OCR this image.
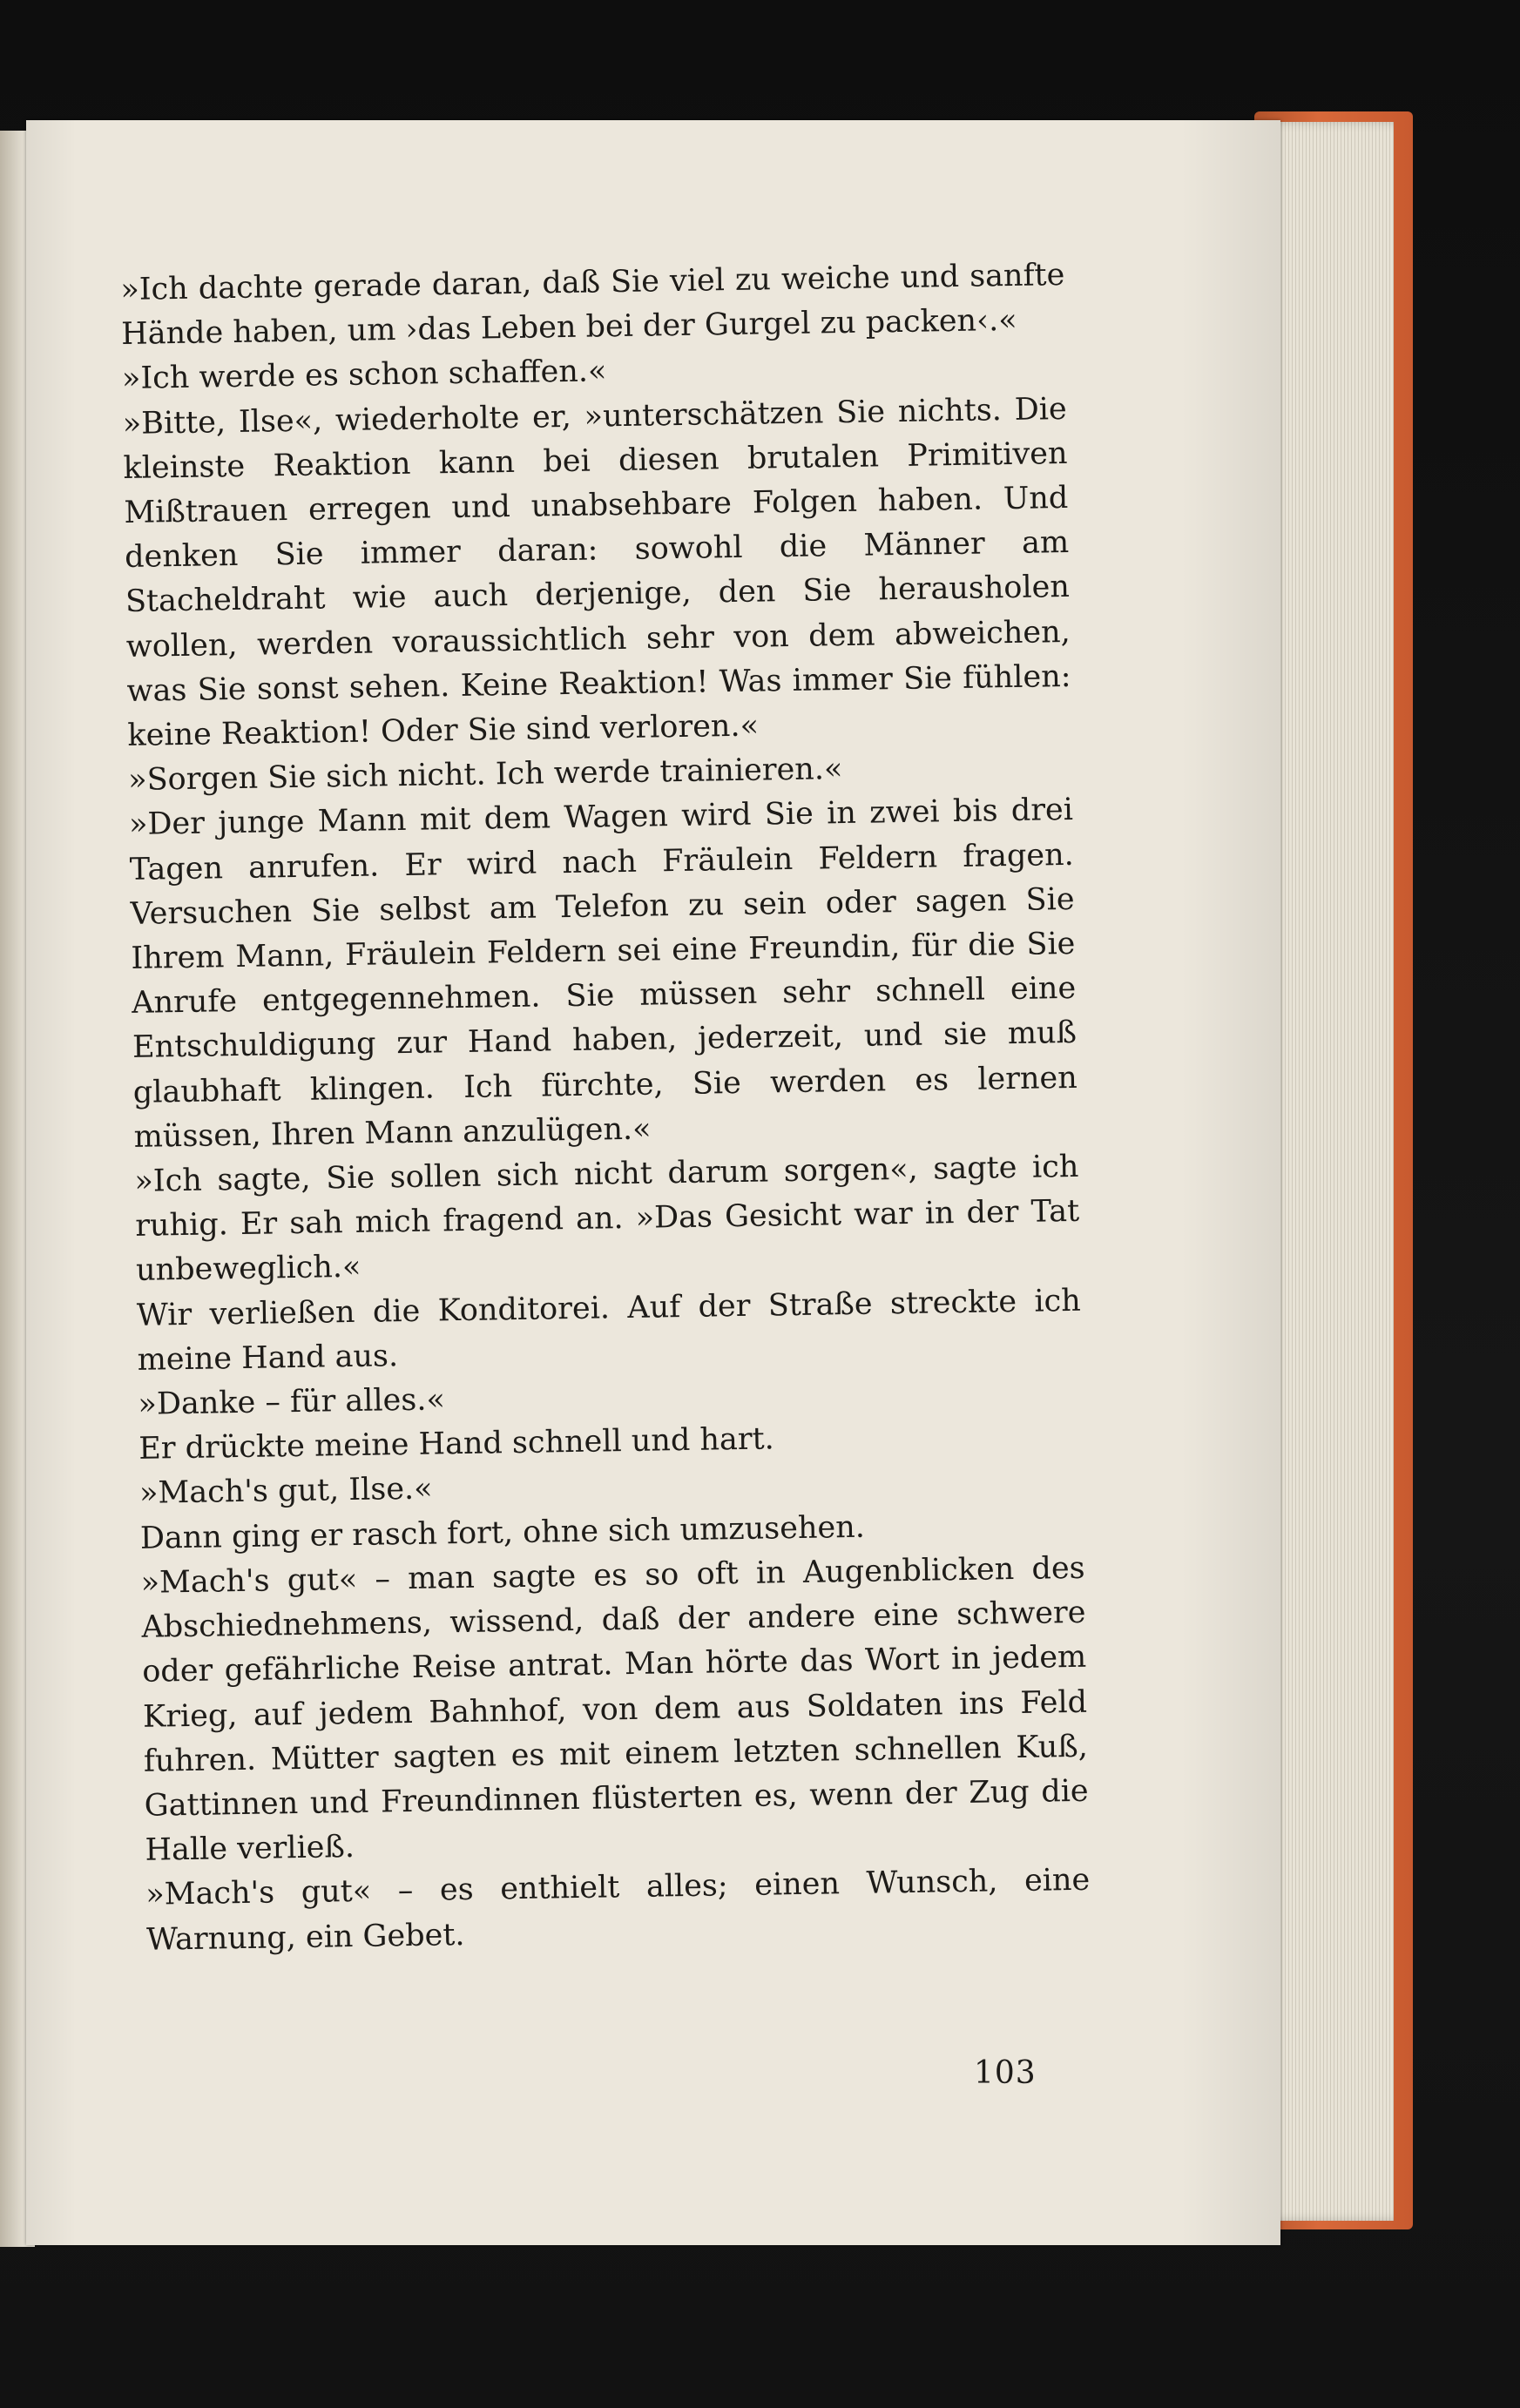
»Ich dachte gerade daran, daß Sie viel zu weiche und sanfte Hände haben, um ›das Leben bei der Gurgel zu packen‹.«

»Ich werde es schon schaffen.«

»Bitte, Ilse«, wiederholte er, »unterschätzen Sie nichts. Die kleinste Reaktion kann bei diesen brutalen Primitiven Mißtrauen erregen und unabsehbare Folgen haben. Und denken Sie immer daran: sowohl die Männer am Stacheldraht wie auch derjenige, den Sie herausholen wollen, werden voraussichtlich sehr von dem abweichen, was Sie sonst sehen. Keine Reaktion! Was immer Sie fühlen: keine Reaktion! Oder Sie sind verloren.«

»Sorgen Sie sich nicht. Ich werde trainieren.«

»Der junge Mann mit dem Wagen wird Sie in zwei bis drei Tagen anrufen. Er wird nach Fräulein Feldern fragen. Versuchen Sie selbst am Telefon zu sein oder sagen Sie Ihrem Mann, Fräulein Feldern sei eine Freundin, für die Sie Anrufe entgegennehmen. Sie müssen sehr schnell eine Entschuldigung zur Hand haben, jederzeit, und sie muß glaubhaft klingen. Ich fürchte, Sie werden es lernen müssen, Ihren Mann anzulügen.«

»Ich sagte, Sie sollen sich nicht darum sorgen«, sagte ich ruhig. Er sah mich fragend an. »Das Gesicht war in der Tat unbeweglich.«

Wir verließen die Konditorei. Auf der Straße streckte ich meine Hand aus.

»Danke – für alles.«

Er drückte meine Hand schnell und hart.

»Mach's gut, Ilse.«

Dann ging er rasch fort, ohne sich umzusehen.

»Mach's gut« – man sagte es so oft in Augenblicken des Abschiednehmens, wissend, daß der andere eine schwere oder gefährliche Reise antrat. Man hörte das Wort in jedem Krieg, auf jedem Bahnhof, von dem aus Soldaten ins Feld fuhren. Mütter sagten es mit einem letzten schnellen Kuß, Gattinnen und Freundinnen flüsterten es, wenn der Zug die Halle verließ.

»Mach's gut« – es enthielt alles; einen Wunsch, eine Warnung, ein Gebet.

103
